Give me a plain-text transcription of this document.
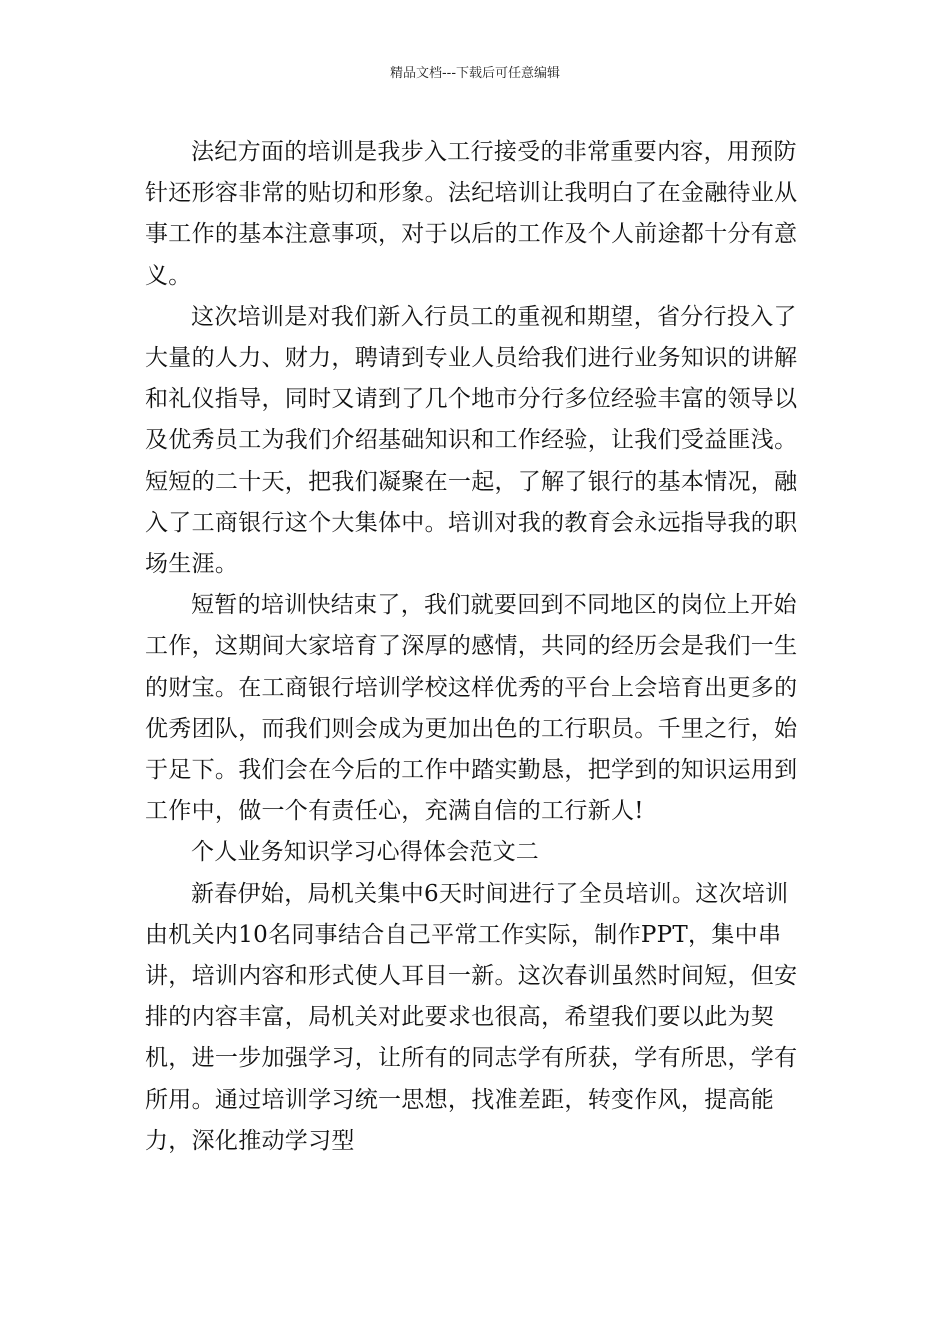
精品文档---下载后可任意编辑

法纪方面的培训是我步入工行接受的非常重要内容，用预防针还形容非常的贴切和形象。法纪培训让我明白了在金融待业从事工作的基本注意事项，对于以后的工作及个人前途都十分有意义。

这次培训是对我们新入行员工的重视和期望，省分行投入了大量的人力、财力，聘请到专业人员给我们进行业务知识的讲解和礼仪指导，同时又请到了几个地市分行多位经验丰富的领导以及优秀员工为我们介绍基础知识和工作经验，让我们受益匪浅。短短的二十天，把我们凝聚在一起，了解了银行的基本情况，融入了工商银行这个大集体中。培训对我的教育会永远指导我的职场生涯。

短暂的培训快结束了，我们就要回到不同地区的岗位上开始工作，这期间大家培育了深厚的感情，共同的经历会是我们一生的财宝。在工商银行培训学校这样优秀的平台上会培育出更多的优秀团队，而我们则会成为更加出色的工行职员。千里之行，始于足下。我们会在今后的工作中踏实勤恳，把学到的知识运用到工作中，做一个有责任心，充满自信的工行新人!

个人业务知识学习心得体会范文二

新春伊始，局机关集中6天时间进行了全员培训。这次培训由机关内10名同事结合自己平常工作实际，制作PPT，集中串讲，培训内容和形式使人耳目一新。这次春训虽然时间短，但安排的内容丰富，局机关对此要求也很高，希望我们要以此为契机，进一步加强学习，让所有的同志学有所获，学有所思，学有所用。通过培训学习统一思想，找准差距，转变作风，提高能力，深化推动学习型
